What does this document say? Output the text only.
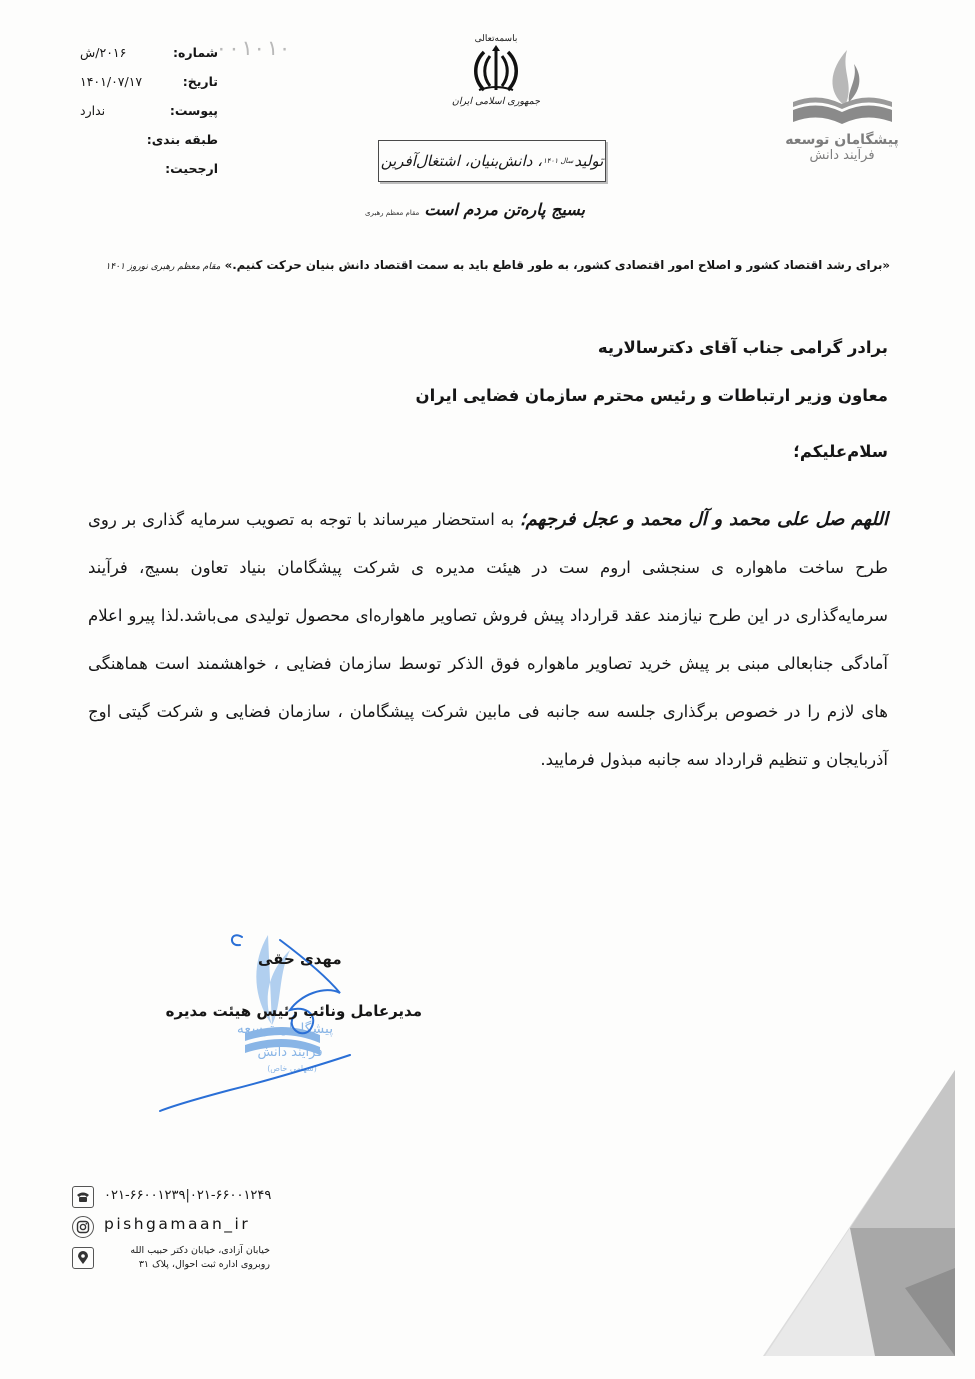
شماره:
۲۰۱۶/ش
تاریخ:
۱۴۰۱/۰۷/۱۷
پیوست:
ندارد
طبقه بندی:
ارجحیت:
۰۰۱۰۱۰	باسمه‌تعالی
جمهوری اسلامی ایران
تولید
سال ۱۴۰۱
، دانش‌بنیان، اشتغال‌آفرین
بسیج پاره‌تن مردم است مقام معظم رهبری
«برای رشد اقتصاد کشور و اصلاح امور اقتصادی کشور، به طور قاطع باید به سمت اقتصاد دانش بنیان حرکت کنیم.» مقام معظم رهبری نوروز ۱۴۰۱
پیشگامان توسعه
فرآیند دانش
برادر گرامی جناب آقای دکترسالاریه
معاون وزیر ارتباطات و رئیس محترم سازمان فضایی ایران
سلام‌علیکم؛
اللهم صل علی محمد و آل محمد و عجل فرجهم؛ به استحضار میرساند با توجه به تصویب سرمایه گذاری بر روی طرح ساخت ماهواره ی سنجشی اروم ست در هیئت مدیره ی شرکت پیشگامان بنیاد تعاون بسیج، فرآیند سرمایه‌گذاری در این طرح نیازمند عقد قرارداد پیش فروش تصاویر ماهواره‌ای محصول تولیدی می‌باشد.لذا پیرو اعلام آمادگی جنابعالی مبنی بر پیش خرید تصاویر ماهواره فوق الذکر توسط سازمان فضایی ، خواهشمند است هماهنگی های لازم را در خصوص برگذاری جلسه سه جانبه فی مابین شرکت پیشگامان ، سازمان فضایی و شرکت گیتی اوج آذربایجان و تنظیم قرارداد سه جانبه مبذول فرمایید.
پیشگامان توسعه
فرآیند دانش
(سهامی خاص)
مهدی حقی
مدیرعامل ونائب رئیس هیئت مدیره
۰۲۱-۶۶۰۰۱۲۳۹|۰۲۱-۶۶۰۰۱۲۴۹
pishgamaan_ir
خیابان آزادی، خیابان دکتر حبیب الله
روبروی اداره ثبت احوال، پلاک ۳۱
